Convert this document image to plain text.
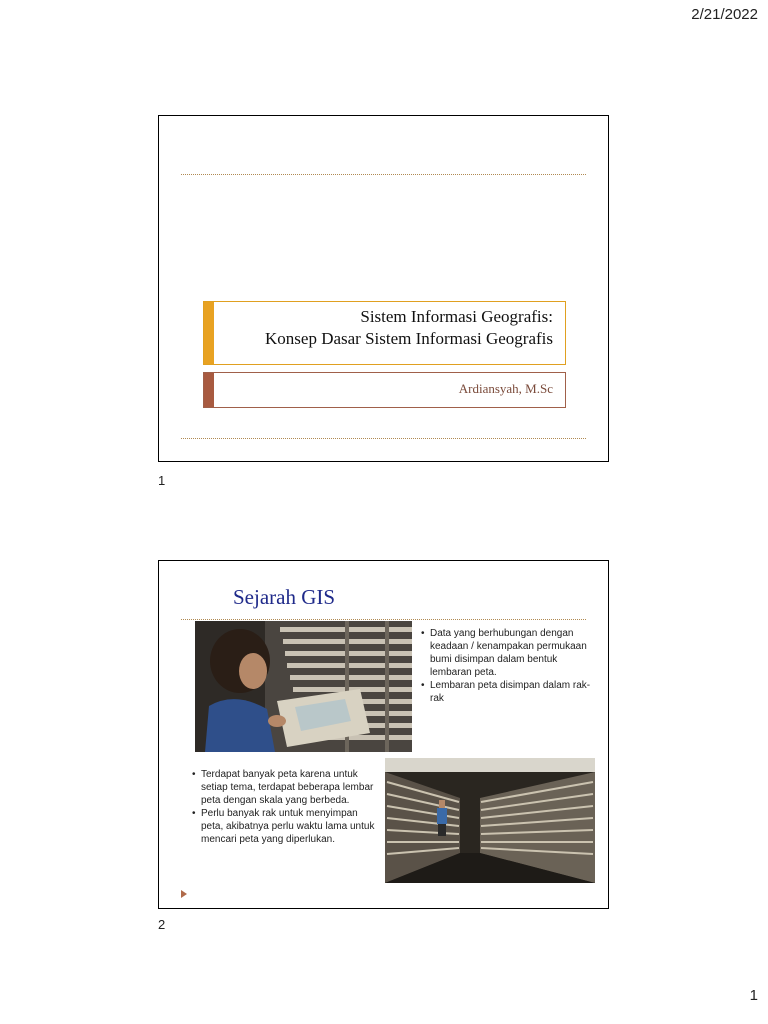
2/21/2022
Sistem Informasi Geografis:
Konsep Dasar Sistem Informasi Geografis
Ardiansyah, M.Sc
1
Sejarah GIS
• Data yang berhubungan dengan keadaan / kenampakan permukaan bumi disimpan dalam bentuk lembaran peta.
• Lembaran peta disimpan dalam rak-rak
• Terdapat banyak peta karena untuk setiap tema, terdapat beberapa lembar peta dengan skala yang berbeda.
• Perlu banyak rak untuk menyimpan peta, akibatnya perlu waktu lama untuk mencari peta yang diperlukan.
2
1
